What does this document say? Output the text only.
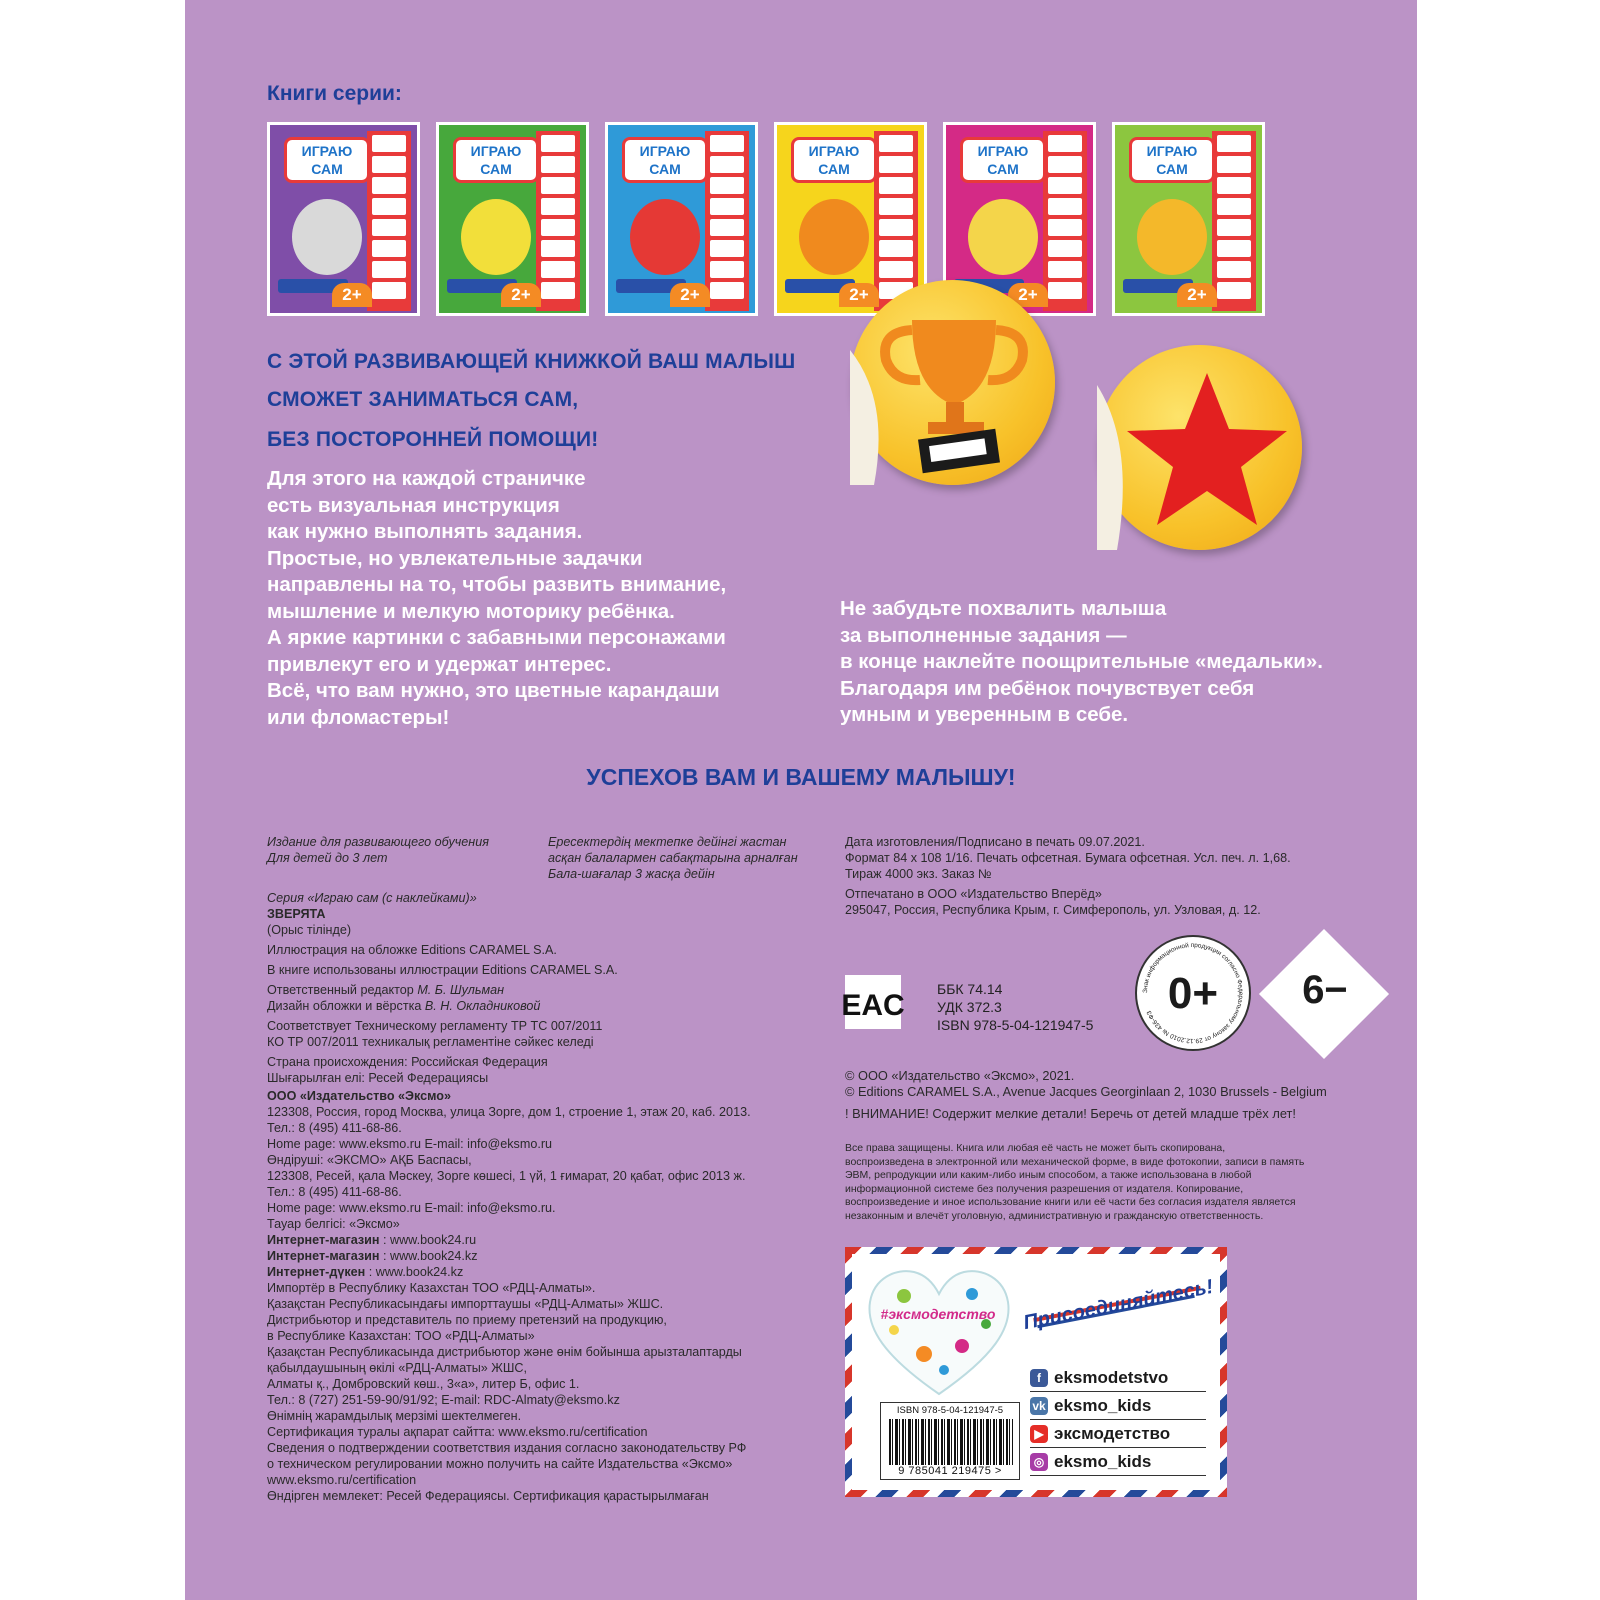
Книги серии:
ИГРАЮ
САМ
2+
ИГРАЮ
САМ
2+
ИГРАЮ
САМ
2+
ИГРАЮ
САМ
2+
ИГРАЮ
САМ
2+
ИГРАЮ
САМ
2+
С ЭТОЙ РАЗВИВАЮЩЕЙ КНИЖКОЙ ВАШ МАЛЫШ
СМОЖЕТ ЗАНИМАТЬСЯ САМ,
БЕЗ ПОСТОРОННЕЙ ПОМОЩИ!
Для этого на каждой страничке
есть визуальная инструкция
как нужно выполнять задания.
Простые, но увлекательные задачки
направлены на то, чтобы развить внимание,
мышление и мелкую моторику ребёнка.
А яркие картинки с забавными персонажами
привлекут его и удержат интерес.
Всё, что вам нужно, это цветные карандаши
или фломастеры!
Не забудьте похвалить малыша
за выполненные задания —
в конце наклейте поощрительные «медальки».
Благодаря им ребёнок почувствует себя
умным и уверенным в себе.
УСПЕХОВ ВАМ И ВАШЕМУ МАЛЫШУ!
Издание для развивающего обучения
Для детей до 3 лет
Ересектердің мектепке дейінгі жастан
асқан балалармен сабақтарына арналған
Бала-шағалар 3 жасқа дейін
Серия «Играю сам (с наклейками)»
ЗВЕРЯТА
(Орыс тілінде)
Иллюстрация на обложке Editions CARAMEL S.A.
В книге использованы иллюстрации Editions CARAMEL S.A.
Ответственный редактор М. Б. Шульман
Дизайн обложки и вёрстка В. Н. Окладниковой
Соответствует Техническому регламенту ТР ТС 007/2011
КО ТР 007/2011 техникалық регламентіне сәйкес келеді
Страна происхождения: Российская Федерация
Шығарылған елі: Ресей Федерациясы
ООО «Издательство «Эксмо»
123308, Россия, город Москва, улица Зорге, дом 1, строение 1, этаж 20, каб. 2013.
Тел.: 8 (495) 411-68-86.
Home page: www.eksmo.ru E-mail: info@eksmo.ru
Өндіруші: «ЭКСМО» АҚБ Баспасы,
123308, Ресей, қала Мәскеу, Зорге көшесі, 1 үй, 1 ғимарат, 20 қабат, офис 2013 ж.
Тел.: 8 (495) 411-68-86.
Home page: www.eksmo.ru E-mail: info@eksmo.ru.
Тауар белгісі: «Эксмо»
Интернет-магазин : www.book24.ru
Интернет-магазин : www.book24.kz
Интернет-дүкен : www.book24.kz
Импортёр в Республику Казахстан ТОО «РДЦ-Алматы».
Қазақстан Республикасындағы импорттаушы «РДЦ-Алматы» ЖШС.
Дистрибьютор и представитель по приему претензий на продукцию,
в Республике Казахстан: ТОО «РДЦ-Алматы»
Қазақстан Республикасында дистрибьютор және өнім бойынша арызталаптарды
қабылдаушының өкілі «РДЦ-Алматы» ЖШС,
Алматы қ., Домбровский көш., 3«а», литер Б, офис 1.
Тел.: 8 (727) 251-59-90/91/92; E-mail: RDC-Almaty@eksmo.kz
Өнімнің жарамдылық мерзімі шектелмеген.
Сертификация туралы ақпарат сайтта: www.eksmo.ru/certification
Сведения о подтверждении соответствия издания согласно законодательству РФ
о техническом регулировании можно получить на сайте Издательства «Эксмо»
www.eksmo.ru/certification
Өндірген мемлекет: Ресей Федерациясы. Сертификация қарастырылмаған
Дата изготовления/Подписано в печать 09.07.2021.
Формат 84 x 108 1/16. Печать офсетная. Бумага офсетная. Усл. печ. л. 1,68.
Тираж 4000 экз. Заказ №
Отпечатано в ООО «Издательство Вперёд»
295047, Россия, Республика Крым, г. Симферополь, ул. Узловая, д. 12.
EAC ББК 74.14
УДК 372.3
ISBN 978-5-04-121947-5
Знак информационной продукции согласно Федеральному закону от 29.12.2010 № 436-ФЗ 0+	6−
© ООО «Издательство «Эксмо», 2021.
© Editions CARAMEL S.A., Avenue Jacques Georginlaan 2, 1030 Brussels - Belgium
! ВНИМАНИЕ! Содержит мелкие детали! Беречь от детей младше трёх лет!
Все права защищены. Книга или любая её часть не может быть скопирована, воспроизведена в электронной или механической форме, в виде фотокопии, записи в память ЭВМ, репродукции или каким-либо иным способом, а также использована в любой информационной системе без получения разрешения от издателя. Копирование, воспроизведение и иное использование книги или её части без согласия издателя является незаконным и влечёт уголовную, административную и гражданскую ответственность.
#эксмодетство	Присоединяйтесь!
f eksmodetstvo
vk eksmo_kids
▶ эксмодетство
◎ eksmo_kids
ISBN 978-5-04-121947-5
9 785041 219475 >
